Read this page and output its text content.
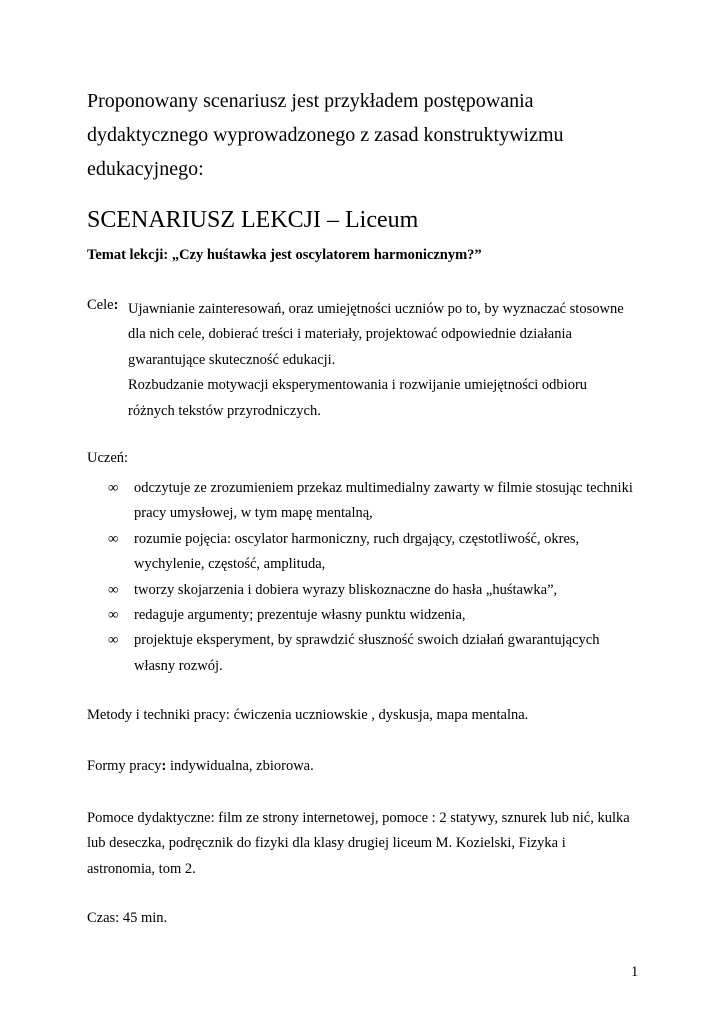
Proponowany scenariusz jest przykładem postępowania
dydaktycznego wyprowadzonego z zasad konstruktywizmu
edukacyjnego:
SCENARIUSZ LEKCJI – Liceum
Temat lekcji: „Czy huśtawka jest oscylatorem harmonicznym?”
Cele: Ujawnianie zainteresowań, oraz umiejętności uczniów po to, by wyznaczać stosowne
dla nich cele, dobierać treści i materiały, projektować odpowiednie działania
gwarantujące skuteczność edukacji.
Rozbudzanie motywacji eksperymentowania i rozwijanie umiejętności odbioru
różnych tekstów przyrodniczych.
Uczeń:
∞	odczytuje ze zrozumieniem przekaz multimedialny zawarty w filmie stosując techniki
pracy umysłowej, w tym mapę mentalną,
∞	rozumie pojęcia: oscylator harmoniczny, ruch drgający, częstotliwość, okres,
wychylenie, częstość, amplituda,
∞	tworzy skojarzenia i dobiera wyrazy bliskoznaczne do hasła „huśtawka”,
∞	redaguje argumenty; prezentuje własny punktu widzenia,
∞	projektuje eksperyment, by sprawdzić słuszność swoich działań gwarantujących
własny rozwój.
Metody i techniki pracy: ćwiczenia uczniowskie , dyskusja, mapa mentalna.
Formy pracy: indywidualna, zbiorowa.
Pomoce dydaktyczne: film ze strony internetowej, pomoce : 2 statywy, sznurek lub nić, kulka
lub deseczka, podręcznik do fizyki dla klasy drugiej liceum M. Kozielski, Fizyka i
astronomia, tom 2.
Czas: 45 min.
1
